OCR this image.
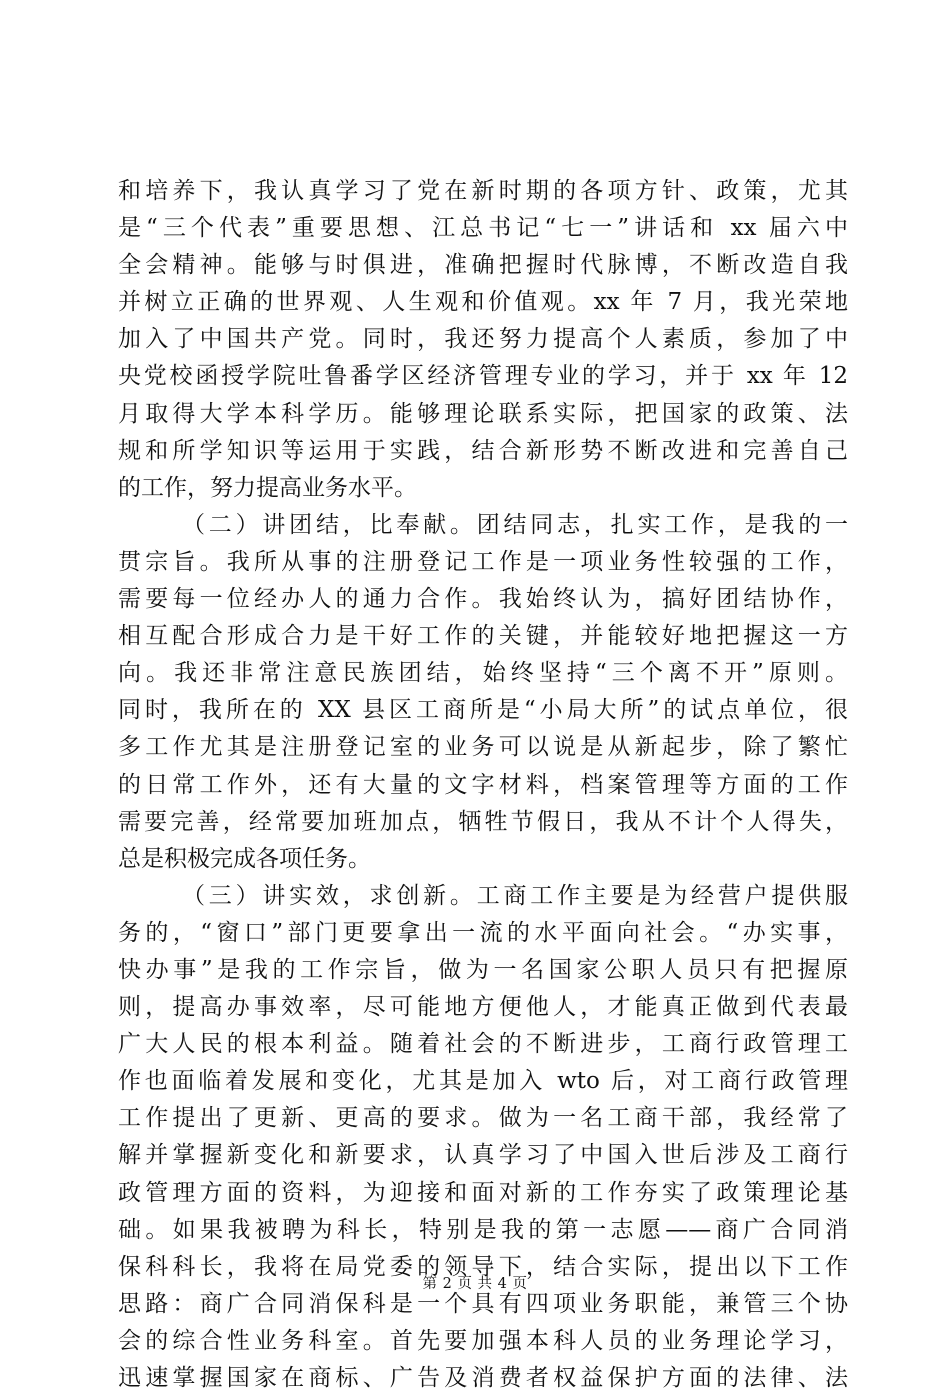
和培养下，我认真学习了党在新时期的各项方针、政策，尤其
是“三个代表”重要思想、江总书记“七一”讲话和 xx 届六中
全会精神。能够与时俱进，准确把握时代脉博，不断改造自我
并树立正确的世界观、人生观和价值观。xx 年 7 月，我光荣地
加入了中国共产党。同时，我还努力提高个人素质，参加了中
央党校函授学院吐鲁番学区经济管理专业的学习，并于 xx 年 12
月取得大学本科学历。能够理论联系实际，把国家的政策、法
规和所学知识等运用于实践，结合新形势不断改进和完善自己
的工作，努力提高业务水平。
（二）讲团结，比奉献。团结同志，扎实工作，是我的一
贯宗旨。我所从事的注册登记工作是一项业务性较强的工作，
需要每一位经办人的通力合作。我始终认为，搞好团结协作，
相互配合形成合力是干好工作的关键，并能较好地把握这一方
向。我还非常注意民族团结，始终坚持“三个离不开”原则。
同时，我所在的 XX 县区工商所是“小局大所”的试点单位，很
多工作尤其是注册登记室的业务可以说是从新起步，除了繁忙
的日常工作外，还有大量的文字材料，档案管理等方面的工作
需要完善，经常要加班加点，牺牲节假日，我从不计个人得失，
总是积极完成各项任务。
（三）讲实效，求创新。工商工作主要是为经营户提供服
务的，“窗口”部门更要拿出一流的水平面向社会。“办实事，
快办事”是我的工作宗旨，做为一名国家公职人员只有把握原
则，提高办事效率，尽可能地方便他人，才能真正做到代表最
广大人民的根本利益。随着社会的不断进步，工商行政管理工
作也面临着发展和变化，尤其是加入 wto 后，对工商行政管理
工作提出了更新、更高的要求。做为一名工商干部，我经常了
解并掌握新变化和新要求，认真学习了中国入世后涉及工商行
政管理方面的资料，为迎接和面对新的工作夯实了政策理论基
础。如果我被聘为科长，特别是我的第一志愿——商广合同消
保科科长，我将在局党委的领导下，结合实际，提出以下工作
思路：商广合同消保科是一个具有四项业务职能，兼管三个协
会的综合性业务科室。首先要加强本科人员的业务理论学习，
迅速掌握国家在商标、广告及消费者权益保护方面的法律、法
第 2 页 共 4 页
